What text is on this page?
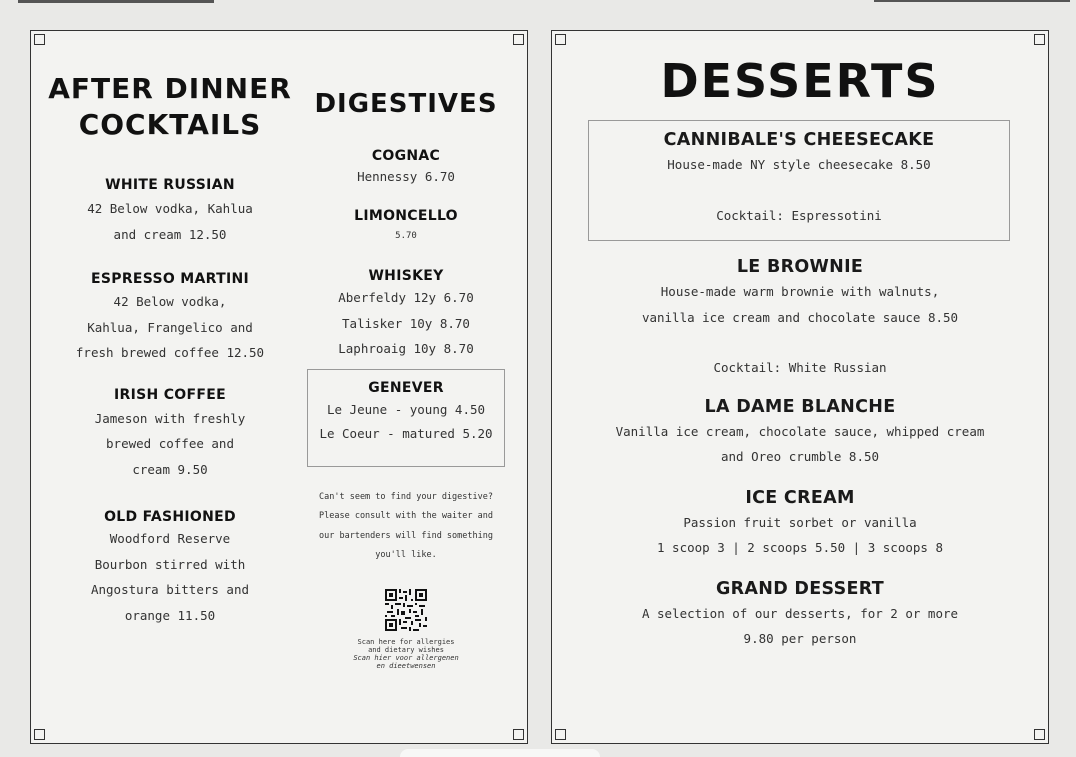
AFTER DINNER
COCKTAILS
WHITE RUSSIAN

42 Below vodka, Kahlua

and cream 12.50

ESPRESSO MARTINI

42 Below vodka,

Kahlua, Frangelico and

fresh brewed coffee 12.50

IRISH COFFEE

Jameson with freshly

brewed coffee and

cream 9.50

OLD FASHIONED

Woodford Reserve

Bourbon stirred with

Angostura bitters and

orange 11.50

DIGESTIVES
COGNAC

Hennessy 6.70

LIMONCELLO

5.70

WHISKEY

Aberfeldy 12y 6.70

Talisker 10y 8.70

Laphroaig 10y 8.70

GENEVER

Le Jeune - young 4.50

Le Coeur - matured 5.20

Can't seem to find your digestive?

Please consult with the waiter and

our bartenders will find something

you'll like.

Scan here for allergies

and dietary wishes

Scan hier voor allergenen

en dieetwensen

DESSERTS
CANNIBALE'S CHEESECAKE

House-made NY style cheesecake 8.50

Cocktail: Espressotini

LE BROWNIE

House-made warm brownie with walnuts,

vanilla ice cream and chocolate sauce 8.50

Cocktail: White Russian

LA DAME BLANCHE

Vanilla ice cream, chocolate sauce, whipped cream

and Oreo crumble 8.50

ICE CREAM

Passion fruit sorbet or vanilla

1 scoop 3 | 2 scoops 5.50 | 3 scoops 8

GRAND DESSERT

A selection of our desserts, for 2 or more

9.80 per person
